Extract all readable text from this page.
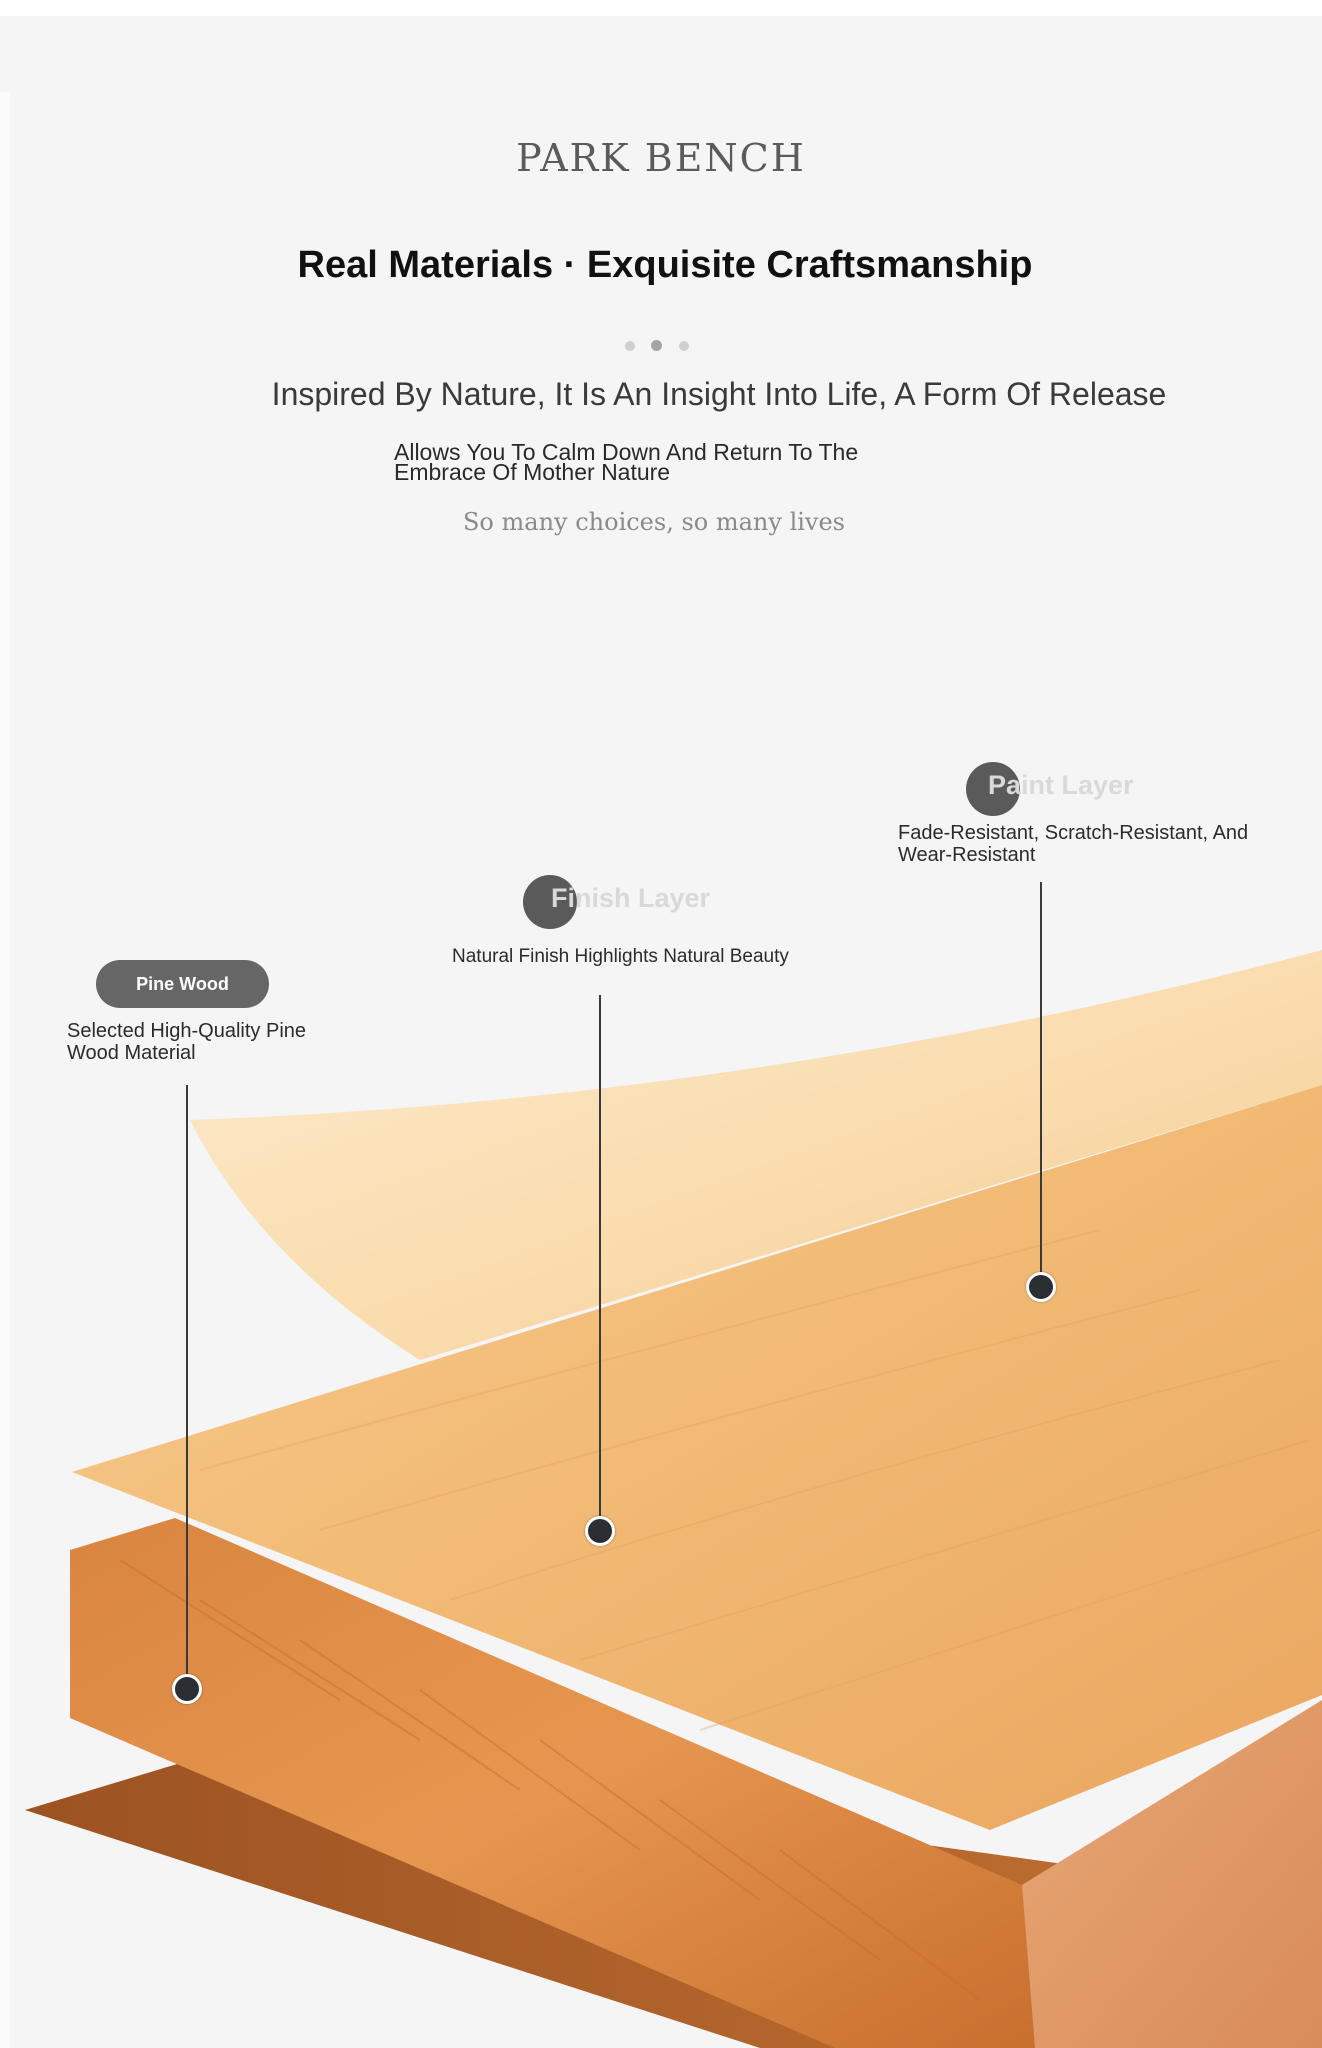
PARK BENCH
Real Materials · Exquisite Craftsmanship
Inspired By Nature, It Is An Insight Into Life, A Form Of Release
Allows You To Calm Down And Return To The
Embrace Of Mother Nature
So many choices, so many lives
Paint Layer
Fade-Resistant, Scratch-Resistant, And
Wear-Resistant
Finish Layer
Natural Finish Highlights Natural Beauty
Pine Wood
Selected High-Quality Pine
Wood Material
